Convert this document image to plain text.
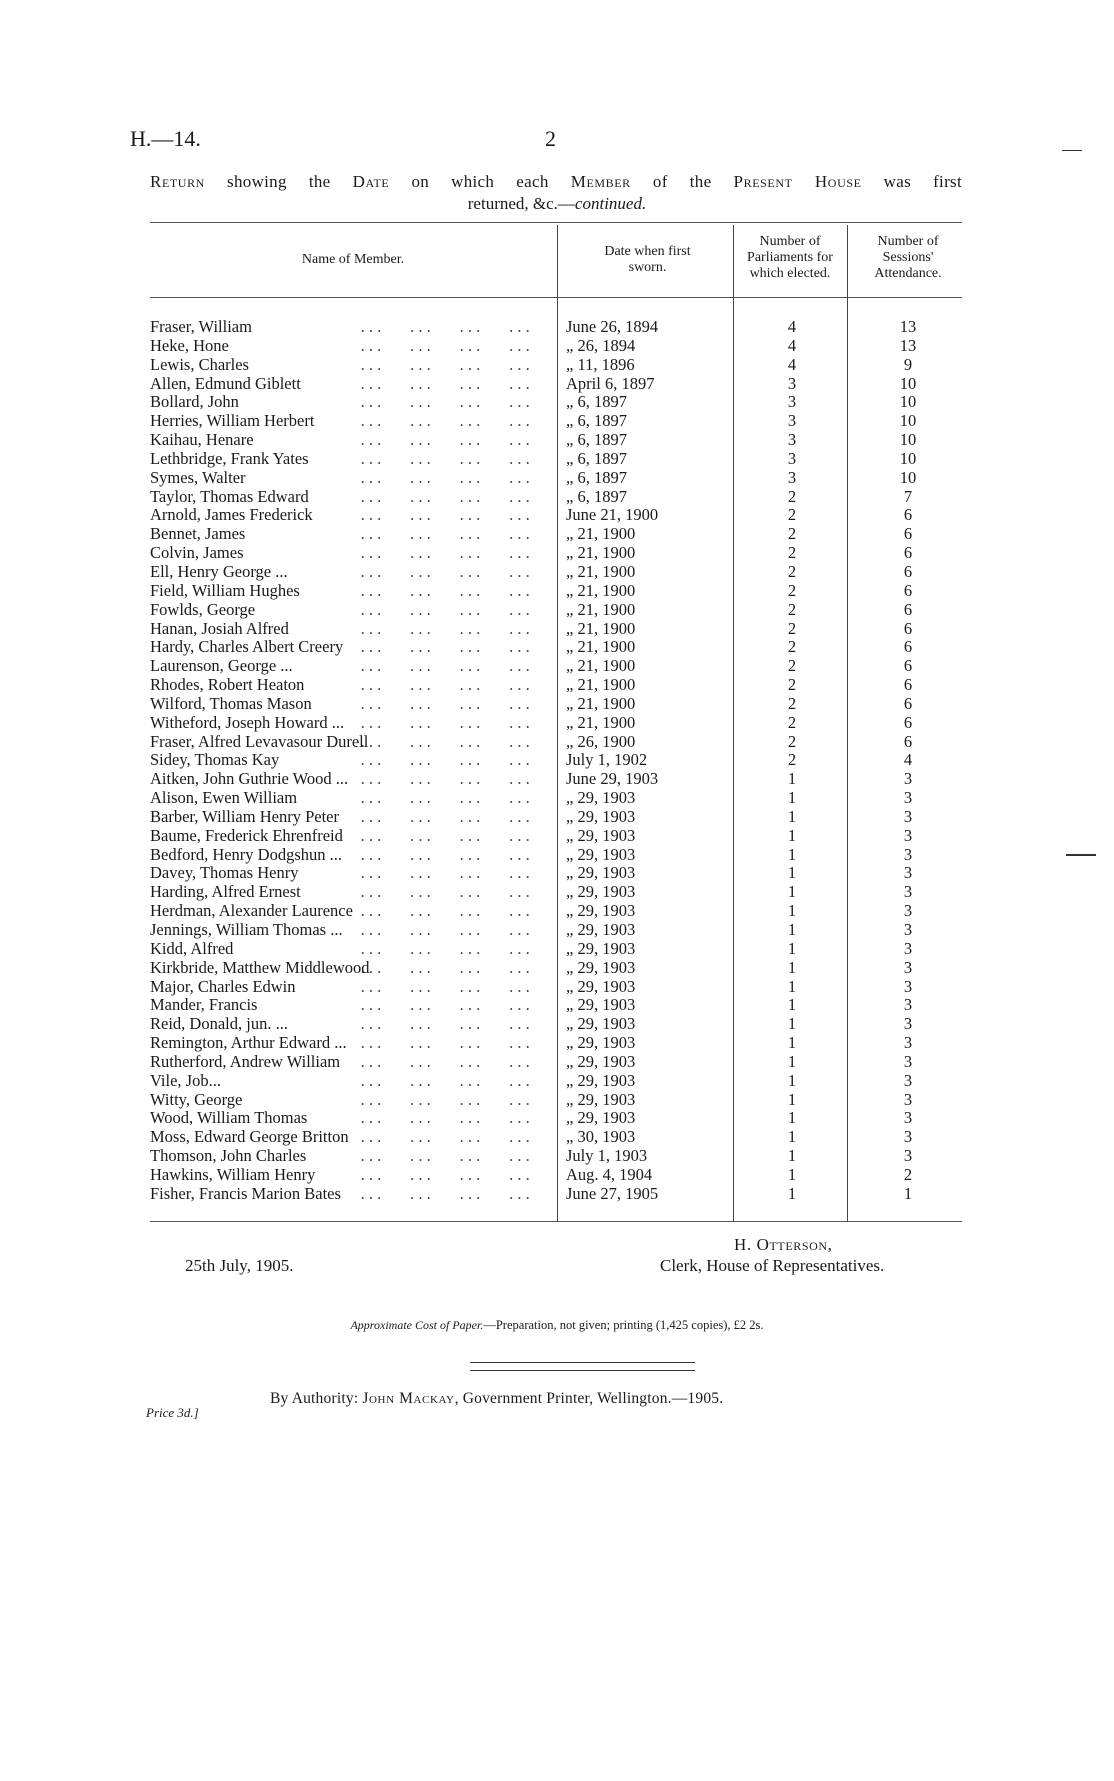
H.—14.	2
Return showing the Date on which each Member of the Present House was first
returned, &c.—continued.
Name of Member.
Date when first sworn.
Number of Parliaments for which elected.
Number of Sessions' Attendance.
. . .       . . .       . . .       . . .
Fraser, William	June 26, 1894	4	13
. . .       . . .       . . .       . . .
Heke, Hone	„ 26, 1894	4	13
. . .       . . .       . . .       . . .
Lewis, Charles	„ 11, 1896	4	9
. . .       . . .       . . .       . . .
Allen, Edmund Giblett	April 6, 1897	3	10
. . .       . . .       . . .       . . .
Bollard, John	„ 6, 1897	3	10
. . .       . . .       . . .       . . .
Herries, William Herbert	„ 6, 1897	3	10
. . .       . . .       . . .       . . .
Kaihau, Henare	„ 6, 1897	3	10
. . .       . . .       . . .       . . .
Lethbridge, Frank Yates	„ 6, 1897	3	10
. . .       . . .       . . .       . . .
Symes, Walter	„ 6, 1897	3	10
. . .       . . .       . . .       . . .
Taylor, Thomas Edward	„ 6, 1897	2	7
. . .       . . .       . . .       . . .
Arnold, James Frederick	June 21, 1900	2	6
. . .       . . .       . . .       . . .
Bennet, James	„ 21, 1900	2	6
. . .       . . .       . . .       . . .
Colvin, James	„ 21, 1900	2	6
. . .       . . .       . . .       . . .
Ell, Henry George ...	„ 21, 1900	2	6
. . .       . . .       . . .       . . .
Field, William Hughes	„ 21, 1900	2	6
. . .       . . .       . . .       . . .
Fowlds, George	„ 21, 1900	2	6
. . .       . . .       . . .       . . .
Hanan, Josiah Alfred	„ 21, 1900	2	6
. . .       . . .       . . .       . . .
Hardy, Charles Albert Creery	„ 21, 1900	2	6
. . .       . . .       . . .       . . .
Laurenson, George ...	„ 21, 1900	2	6
. . .       . . .       . . .       . . .
Rhodes, Robert Heaton	„ 21, 1900	2	6
. . .       . . .       . . .       . . .
Wilford, Thomas Mason	„ 21, 1900	2	6
. . .       . . .       . . .       . . .
Witheford, Joseph Howard ...	„ 21, 1900	2	6
. . .       . . .       . . .       . . .
Fraser, Alfred Levavasour Durell	„ 26, 1900	2	6
. . .       . . .       . . .       . . .
Sidey, Thomas Kay	July 1, 1902	2	4
. . .       . . .       . . .       . . .
Aitken, John Guthrie Wood ...	June 29, 1903	1	3
. . .       . . .       . . .       . . .
Alison, Ewen William	„ 29, 1903	1	3
. . .       . . .       . . .       . . .
Barber, William Henry Peter	„ 29, 1903	1	3
. . .       . . .       . . .       . . .
Baume, Frederick Ehrenfreid	„ 29, 1903	1	3
. . .       . . .       . . .       . . .
Bedford, Henry Dodgshun ...	„ 29, 1903	1	3
. . .       . . .       . . .       . . .
Davey, Thomas Henry	„ 29, 1903	1	3
. . .       . . .       . . .       . . .
Harding, Alfred Ernest	„ 29, 1903	1	3
. . .       . . .       . . .       . . .
Herdman, Alexander Laurence	„ 29, 1903	1	3
. . .       . . .       . . .       . . .
Jennings, William Thomas ...	„ 29, 1903	1	3
. . .       . . .       . . .       . . .
Kidd, Alfred	„ 29, 1903	1	3
. . .       . . .       . . .       . . .
Kirkbride, Matthew Middlewood	„ 29, 1903	1	3
. . .       . . .       . . .       . . .
Major, Charles Edwin	„ 29, 1903	1	3
. . .       . . .       . . .       . . .
Mander, Francis	„ 29, 1903	1	3
. . .       . . .       . . .       . . .
Reid, Donald, jun. ...	„ 29, 1903	1	3
. . .       . . .       . . .       . . .
Remington, Arthur Edward ...	„ 29, 1903	1	3
. . .       . . .       . . .       . . .
Rutherford, Andrew William	„ 29, 1903	1	3
. . .       . . .       . . .       . . .
Vile, Job...	„ 29, 1903	1	3
. . .       . . .       . . .       . . .
Witty, George	„ 29, 1903	1	3
. . .       . . .       . . .       . . .
Wood, William Thomas	„ 29, 1903	1	3
. . .       . . .       . . .       . . .
Moss, Edward George Britton	„ 30, 1903	1	3
. . .       . . .       . . .       . . .
Thomson, John Charles	July 1, 1903	1	3
. . .       . . .       . . .       . . .
Hawkins, William Henry	Aug. 4, 1904	1	2
. . .       . . .       . . .       . . .
Fisher, Francis Marion Bates	June 27, 1905	1	1
25th July, 1905.
H. Otterson,
Clerk, House of Representatives.
Approximate Cost of Paper.—Preparation, not given; printing (1,425 copies), £2 2s.
Price 3d.]
By Authority: John Mackay, Government Printer, Wellington.—1905.
